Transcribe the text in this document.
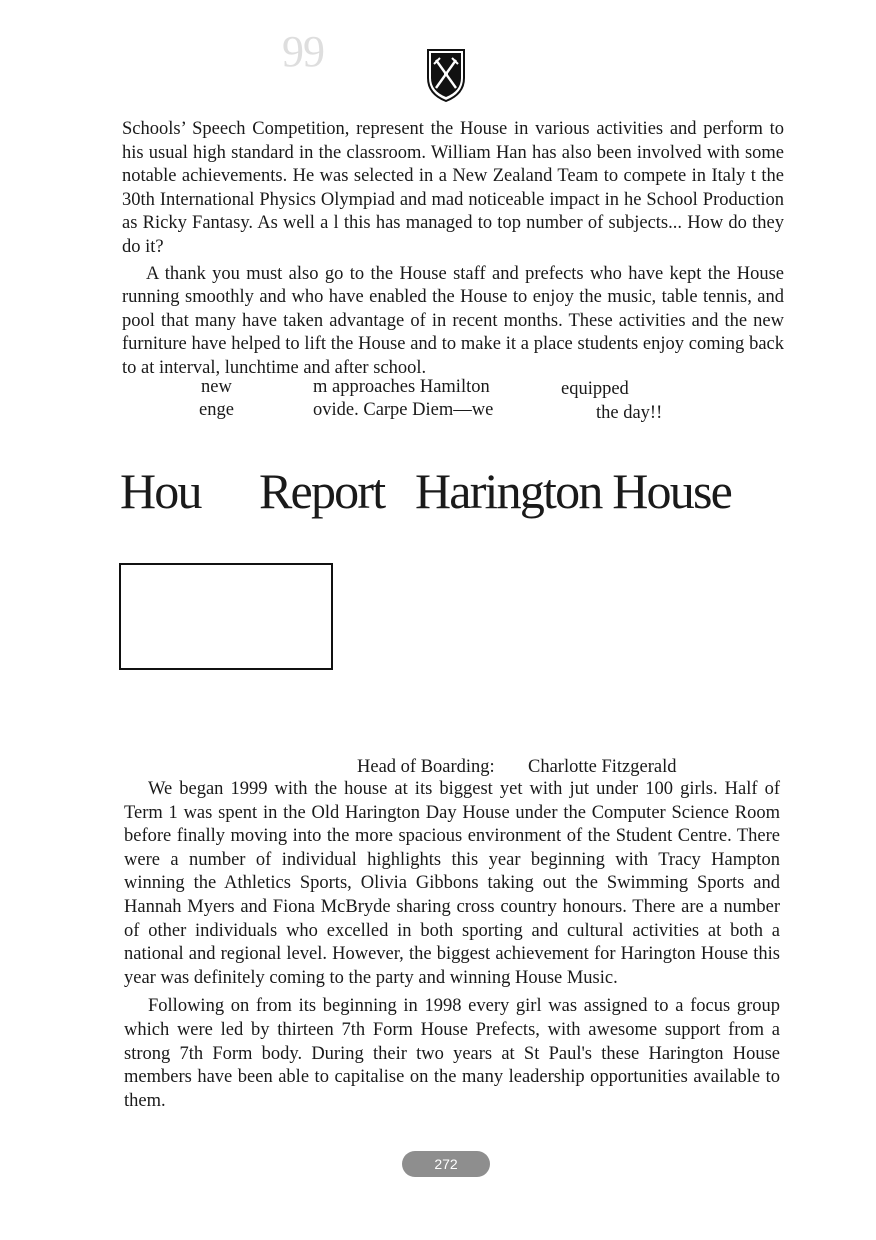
99

Schools’ Speech Competition, represent the House in various activities and perform to his usual high standard in the classroom. William Han has also been involved with some notable achievements. He was selected in a New Zealand Team to compete in Italy t the 30th International Physics Olympiad and mad noticeable impact in he School Production as Ricky Fantasy. As well a l this has managed to top number of subjects... How do they do it?

A thank you must also go to the House staff and prefects who have kept the House running smoothly and who have enabled the House to enjoy the music, table tennis, and pool that many have taken advantage of in recent months. These activities and the new furniture have helped to lift the House and to make it a place students enjoy coming back to at interval, lunchtime and after school.

new	m approaches Hamilton	equipped
enge	ovide. Carpe Diem—we	the day!!
Hou Report Harington House
Head of Boarding: Charlotte Fitzgerald

We began 1999 with the house at its biggest yet with jut under 100 girls. Half of Term 1 was spent in the Old Harington Day House under the Computer Science Room before finally moving into the more spacious environment of the Student Centre. There were a number of individual highlights this year beginning with Tracy Hampton winning the Athletics Sports, Olivia Gibbons taking out the Swimming Sports and Hannah Myers and Fiona McBryde sharing cross country honours. There are a number of other individuals who excelled in both sporting and cultural activities at both a national and regional level. However, the biggest achievement for Harington House this year was definitely coming to the party and winning House Music.

Following on from its beginning in 1998 every girl was assigned to a focus group which were led by thirteen 7th Form House Prefects, with awesome support from a strong 7th Form body. During their two years at St Paul's these Harington House members have been able to capitalise on the many leadership opportunities available to them.

272
